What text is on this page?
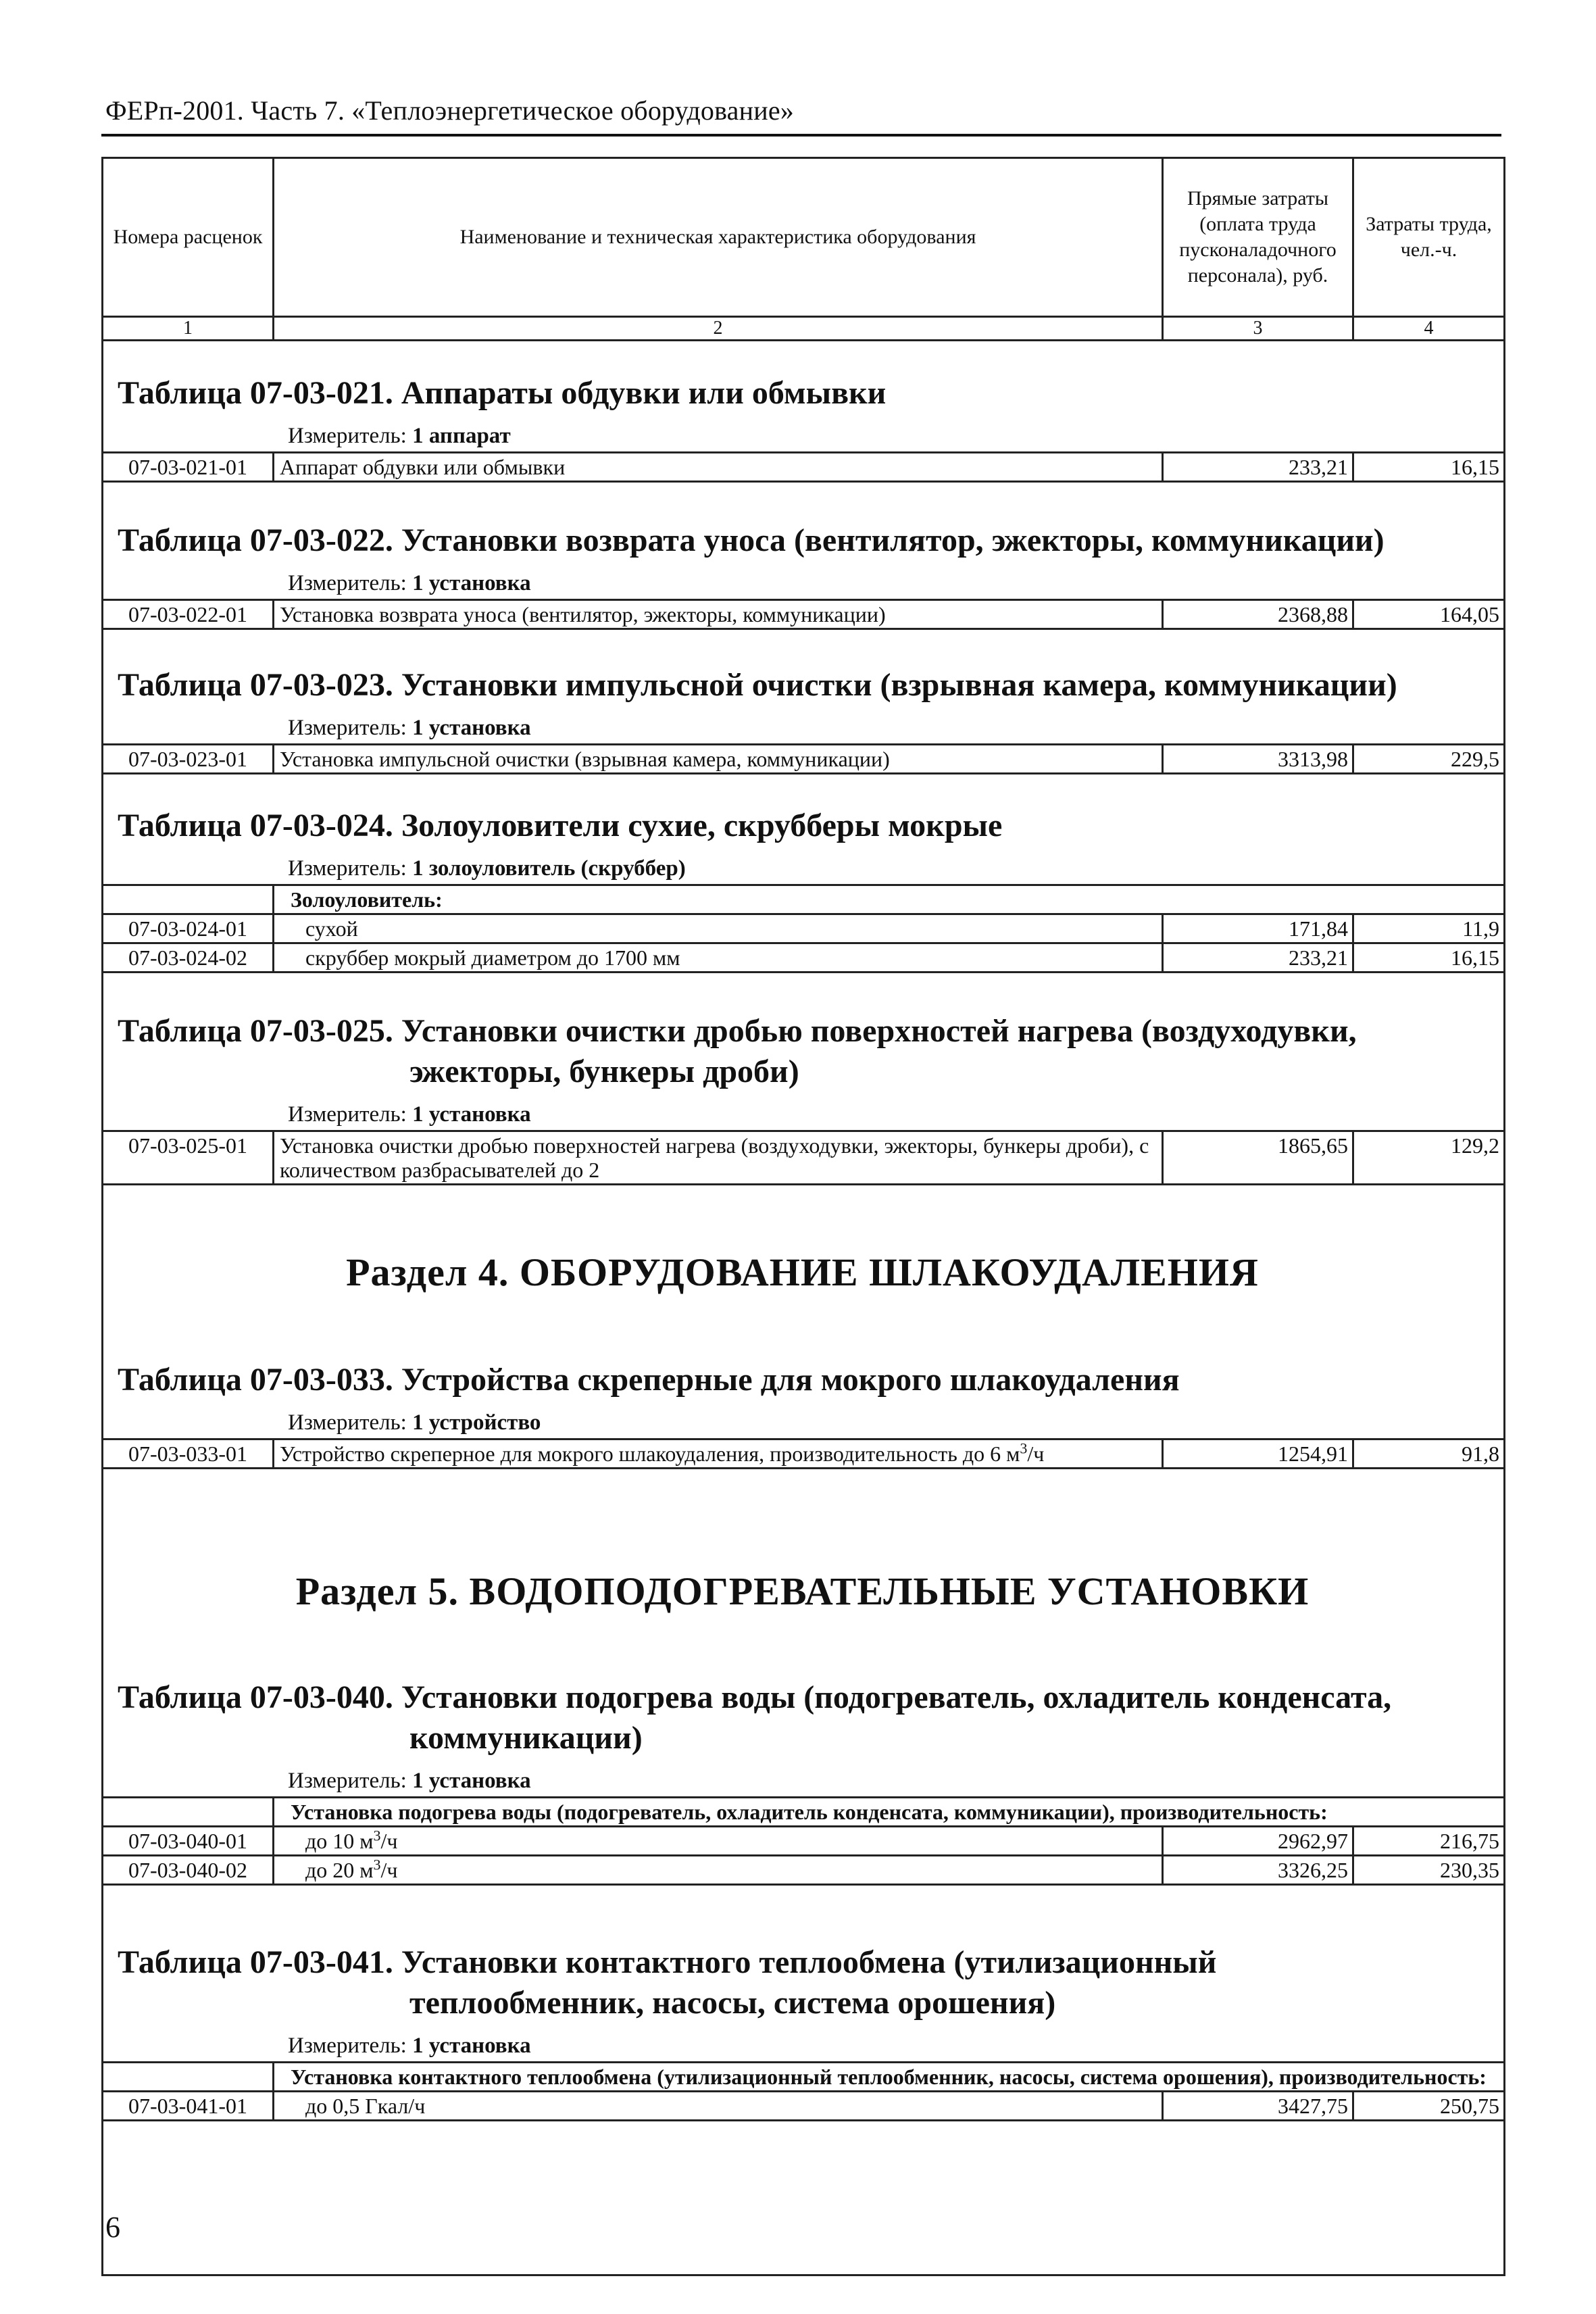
ФЕРп-2001. Часть 7. «Теплоэнергетическое оборудование»
Номера расценок	Наименование и техническая характеристика оборудования	Прямые затраты (оплата труда пусконаладочного персонала), руб.	Затраты труда, чел.-ч.
1	2	3	4
Таблица 07-03-021. Аппараты обдувки или обмывки
Измеритель: 1 аппарат
07-03-021-01	Аппарат обдувки или обмывки	233,21	16,15
Таблица 07-03-022. Установки возврата уноса (вентилятор, эжекторы, коммуникации)
Измеритель: 1 установка
07-03-022-01	Установка возврата уноса (вентилятор, эжекторы, коммуникации)	2368,88	164,05
Таблица 07-03-023. Установки импульсной очистки (взрывная камера, коммуникации)
Измеритель: 1 установка
07-03-023-01	Установка импульсной очистки (взрывная камера, коммуникации)	3313,98	229,5
Таблица 07-03-024. Золоуловители сухие, скрубберы мокрые
Измеритель: 1 золоуловитель (скруббер)
	Золоуловитель:		
07-03-024-01	сухой	171,84	11,9
07-03-024-02	скруббер мокрый диаметром до 1700 мм	233,21	16,15
Таблица 07-03-025. Установки очистки дробью поверхностей нагрева (воздуходувки,
эжекторы, бункеры дроби)
Измеритель: 1 установка
07-03-025-01	Установка очистки дробью поверхностей нагрева (воздуходувки, эжекторы, бункеры дроби), с количеством разбрасывателей до 2	1865,65	129,2
Раздел 4. ОБОРУДОВАНИЕ ШЛАКОУДАЛЕНИЯ
Таблица 07-03-033. Устройства скреперные для мокрого шлакоудаления
Измеритель: 1 устройство
07-03-033-01	Устройство скреперное для мокрого шлакоудаления, производительность до 6 $м^3/ч$	1254,91	91,8
Раздел 5. ВОДОПОДОГРЕВАТЕЛЬНЫЕ УСТАНОВКИ
Таблица 07-03-040. Установки подогрева воды (подогреватель, охладитель конденсата,
коммуникации)
Измеритель: 1 установка
	Установка подогрева воды (подогреватель, охладитель конденсата, коммуникации), производительность:		
07-03-040-01	до 10 $м^3/ч$	2962,97	216,75
07-03-040-02	до 20 $м^3/ч$	3326,25	230,35
Таблица 07-03-041. Установки контактного теплообмена (утилизационный
теплообменник, насосы, система орошения)
Измеритель: 1 установка
	Установка контактного теплообмена (утилизационный теплообменник, насосы, система орошения), производительность:		
07-03-041-01	до 0,5 Гкал/ч	3427,75	250,75
6
